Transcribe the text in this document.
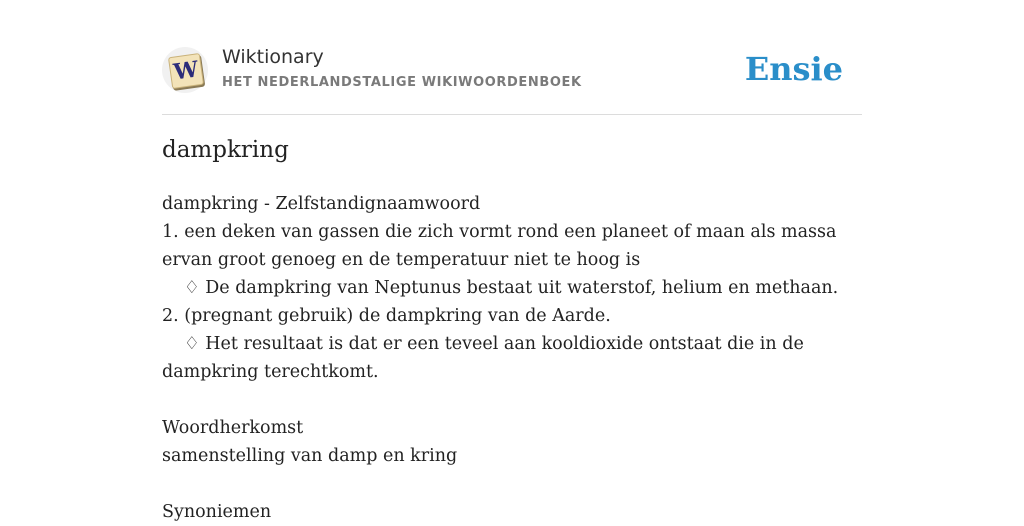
W Wiktionary
HET NEDERLANDSTALIGE WIKIWOORDENBOEK	Ensie
dampkring
dampkring - Zelfstandignaamwoord
1. een deken van gassen die zich vormt rond een planeet of maan als massa ervan groot genoeg en de temperatuur niet te hoog is
♢ De dampkring van Neptunus bestaat uit waterstof, helium en methaan.
2. (pregnant gebruik) de dampkring van de Aarde.
♢ Het resultaat is dat er een teveel aan kooldioxide ontstaat die in de dampkring terechtkomt.
Woordherkomst
samenstelling van damp en kring
Synoniemen
